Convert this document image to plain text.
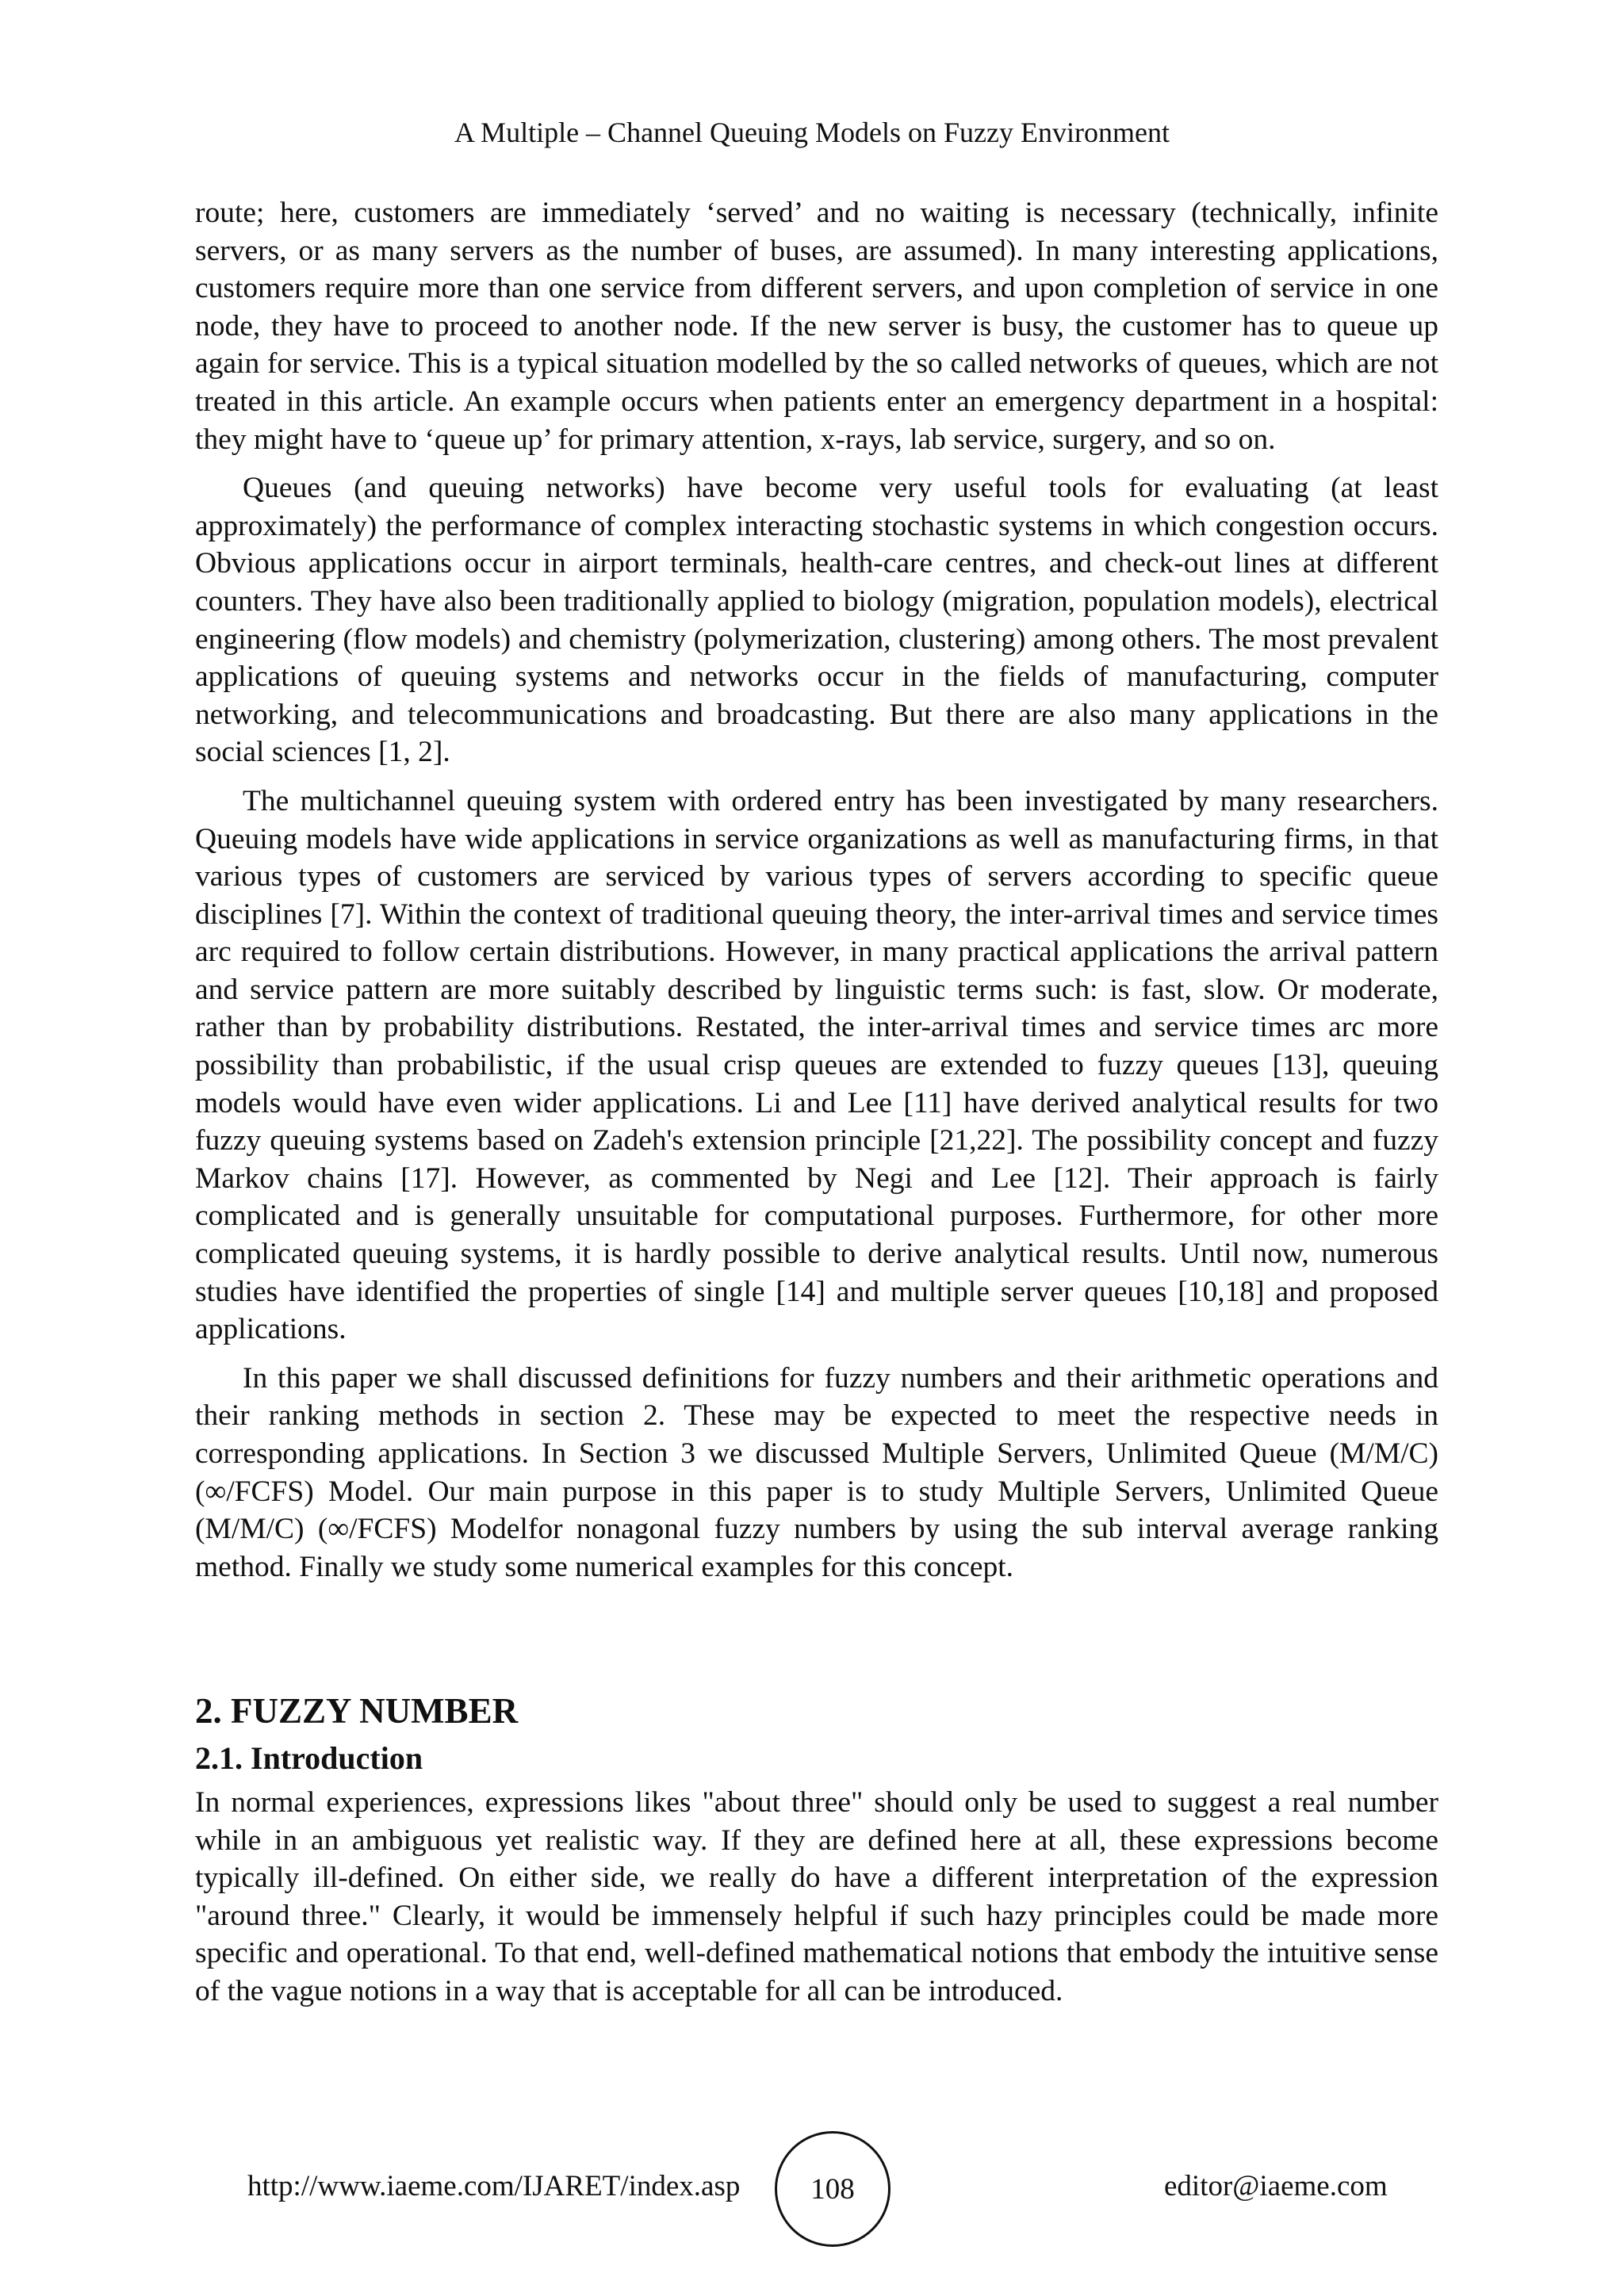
A Multiple – Channel Queuing Models on Fuzzy Environment

route; here, customers are immediately ‘served’ and no waiting is necessary (technically, infinite servers, or as many servers as the number of buses, are assumed). In many interesting applications, customers require more than one service from different servers, and upon completion of service in one node, they have to proceed to another node. If the new server is busy, the customer has to queue up again for service. This is a typical situation modelled by the so called networks of queues, which are not treated in this article. An example occurs when patients enter an emergency department in a hospital: they might have to ‘queue up’ for primary attention, x-rays, lab service, surgery, and so on.

Queues (and queuing networks) have become very useful tools for evaluating (at least approximately) the performance of complex interacting stochastic systems in which congestion occurs. Obvious applications occur in airport terminals, health-care centres, and check-out lines at different counters. They have also been traditionally applied to biology (migration, population models), electrical engineering (flow models) and chemistry (polymerization, clustering) among others. The most prevalent applications of queuing systems and networks occur in the fields of manufacturing, computer networking, and telecommunications and broadcasting. But there are also many applications in the social sciences [1, 2].

The multichannel queuing system with ordered entry has been investigated by many researchers. Queuing models have wide applications in service organizations as well as manufacturing firms, in that various types of customers are serviced by various types of servers according to specific queue disciplines [7]. Within the context of traditional queuing theory, the inter-arrival times and service times arc required to follow certain distributions. However, in many practical applications the arrival pattern and service pattern are more suitably described by linguistic terms such: is fast, slow. Or moderate, rather than by probability distributions. Restated, the inter-arrival times and service times arc more possibility than probabilistic, if the usual crisp queues are extended to fuzzy queues [13], queuing models would have even wider applications. Li and Lee [11] have derived analytical results for two fuzzy queuing systems based on Zadeh's extension principle [21,22]. The possibility concept and fuzzy Markov chains [17]. However, as commented by Negi and Lee [12]. Their approach is fairly complicated and is generally unsuitable for computational purposes. Furthermore, for other more complicated queuing systems, it is hardly possible to derive analytical results. Until now, numerous studies have identified the properties of single [14] and multiple server queues [10,18] and proposed applications.

In this paper we shall discussed definitions for fuzzy numbers and their arithmetic operations and their ranking methods in section 2. These may be expected to meet the respective needs in corresponding applications. In Section 3 we discussed Multiple Servers, Unlimited Queue (M/M/C) (∞/FCFS) Model. Our main purpose in this paper is to study Multiple Servers, Unlimited Queue (M/M/C) (∞/FCFS) Modelfor nonagonal fuzzy numbers by using the sub interval average ranking method. Finally we study some numerical examples for this concept.

2. FUZZY NUMBER
2.1. Introduction

In normal experiences, expressions likes "about three" should only be used to suggest a real number while in an ambiguous yet realistic way. If they are defined here at all, these expressions become typically ill-defined. On either side, we really do have a different interpretation of the expression "around three." Clearly, it would be immensely helpful if such hazy principles could be made more specific and operational. To that end, well-defined mathematical notions that embody the intuitive sense of the vague notions in a way that is acceptable for all can be introduced.

http://www.iaeme.com/IJARET/index.asp 108	editor@iaeme.com
